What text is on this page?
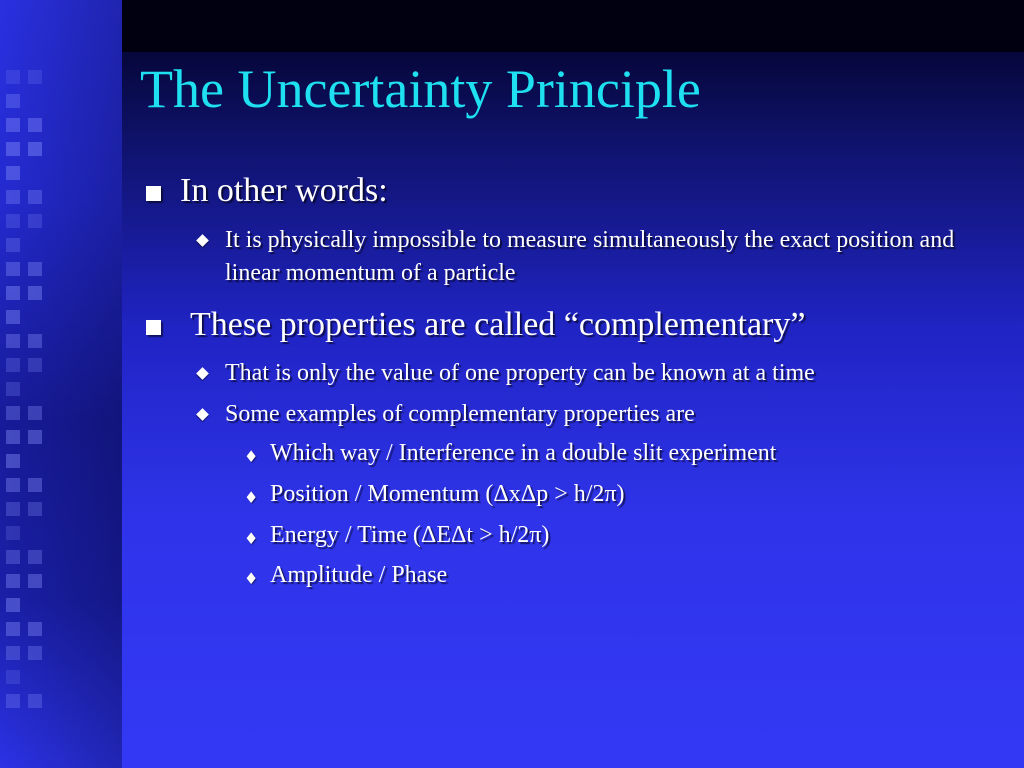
The Uncertainty Principle
In other words:
It is physically impossible to measure simultaneously the exact position and linear momentum of a particle
These properties are called “complementary”
That is only the value of one property can be known at a time
Some examples of complementary properties are
♦ Which way / Interference in a double slit experiment
♦ Position / Momentum (ΔxΔp > h/2π)
♦ Energy / Time (ΔEΔt > h/2π)
♦ Amplitude / Phase
